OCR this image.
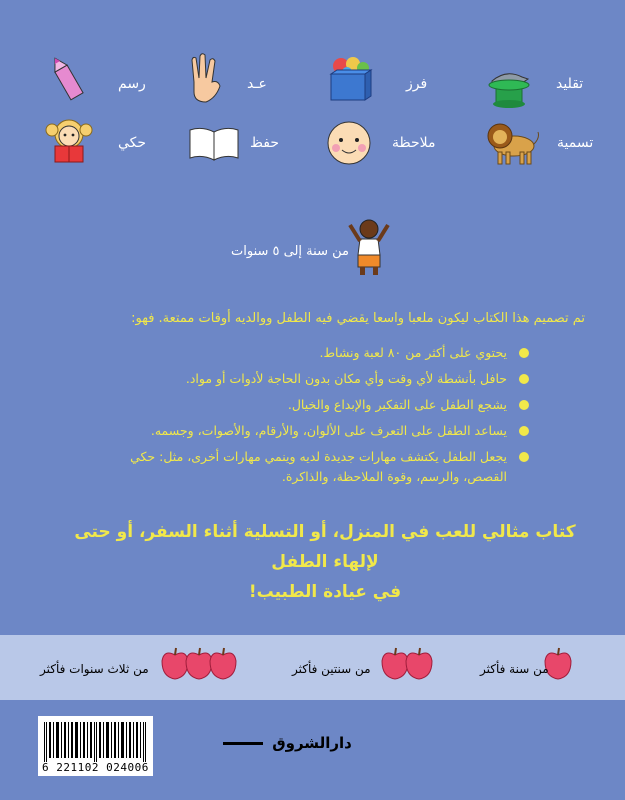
تقليد
فرز
عـد
رسم
تسمية
ملاحظة
حفظ
حكي
من سنة إلى ٥ سنوات
تم تصميم هذا الكتاب ليكون ملعبا واسعا يقضي فيه الطفل ووالديه أوقات ممتعة. فهو:
يحتوي على أكثر من ٨٠ لعبة ونشاط.
حافل بأنشطة لأي وقت وأي مكان بدون الحاجة لأدوات أو مواد.
يشجع الطفل على التفكير والإبداع والخيال.
يساعد الطفل على التعرف على الألوان، والأرقام، والأصوات، وجسمه.
يجعل الطفل يكتشف مهارات جديدة لديه وينمي مهارات أخرى، مثل: حكي القصص، والرسم، وقوة الملاحظة، والذاكرة.
كتاب مثالي للعب في المنزل، أو التسلية أثناء السفر، أو حتى لإلهاء الطفل
في عيادة الطبيب!
من سنة فأكثر
من سنتين فأكثر
من ثلاث سنوات فأكثر
6 221102 024006
دارالشروق
